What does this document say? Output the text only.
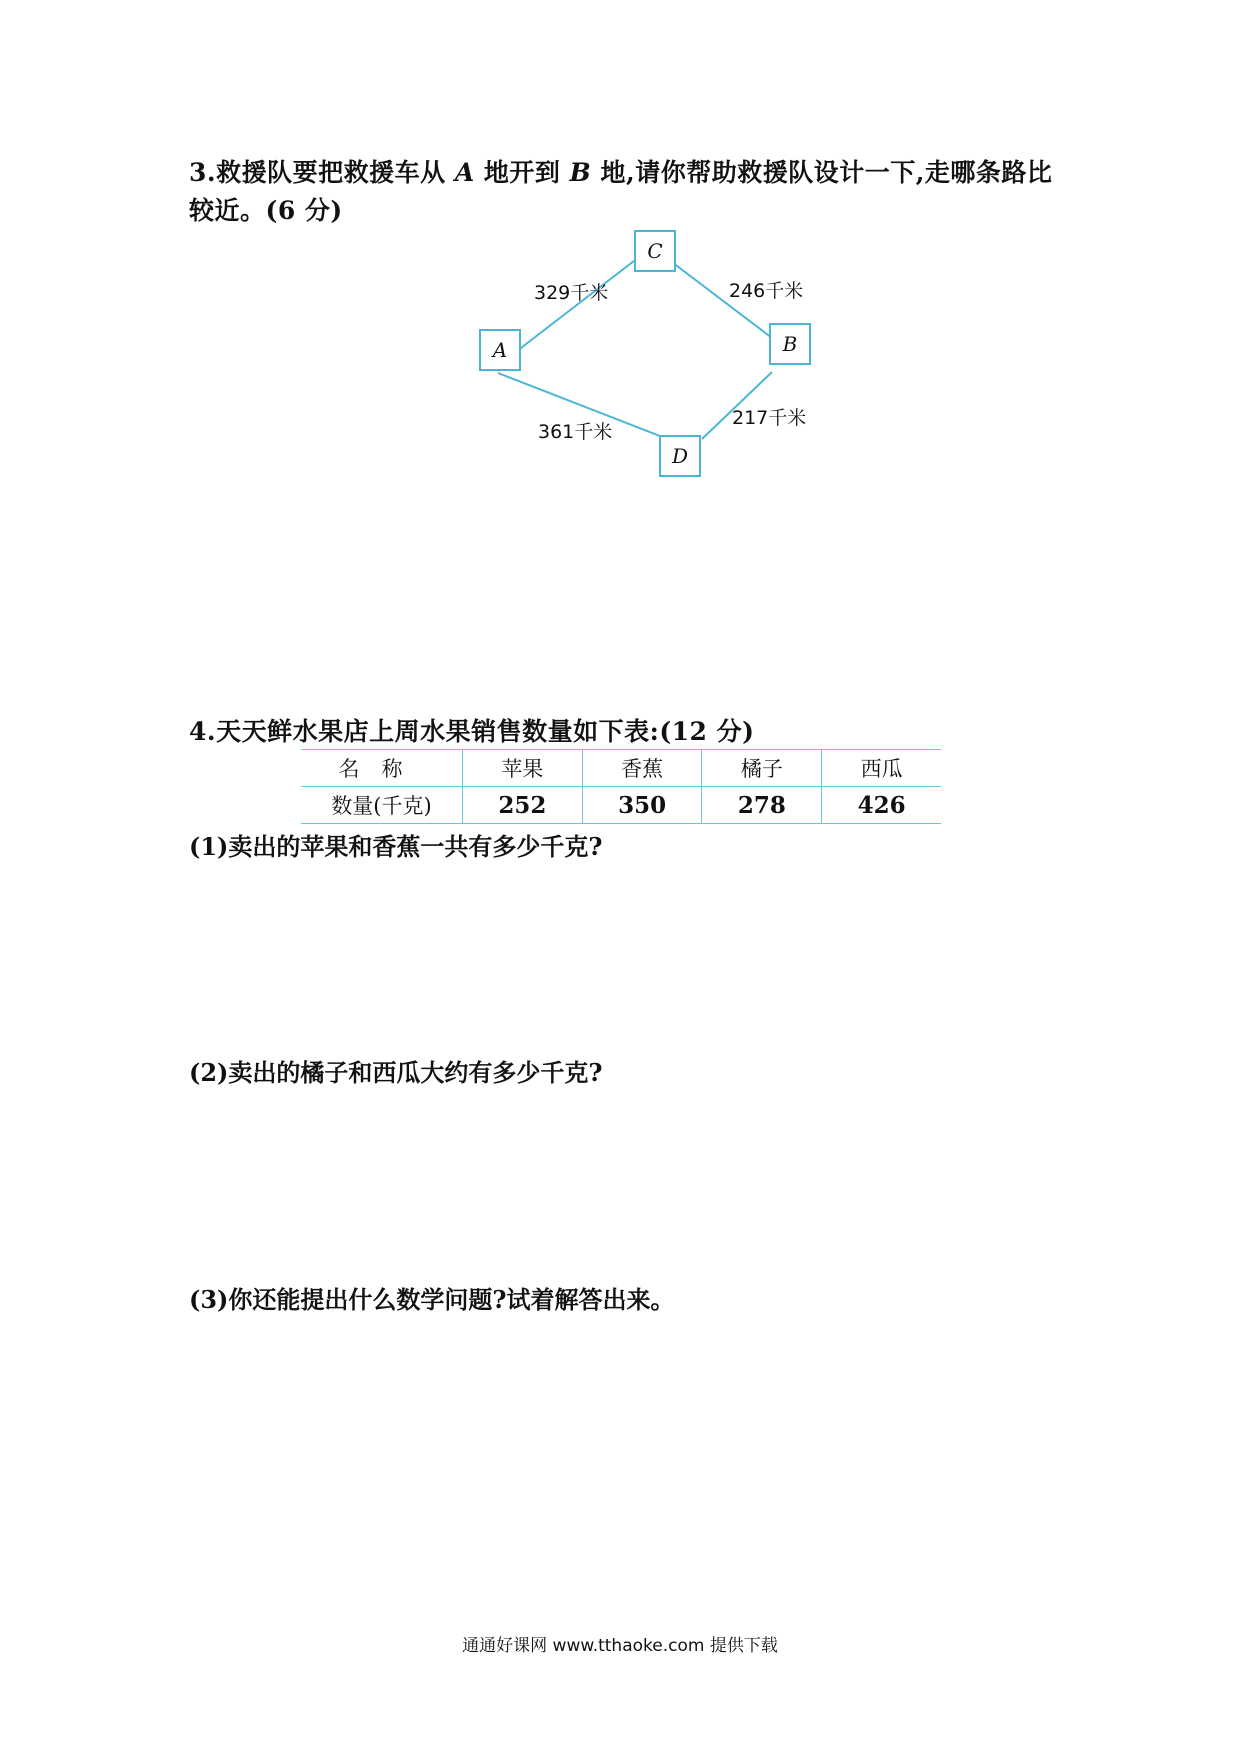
3.救援队要把救援车从 A 地开到 B 地,请你帮助救援队设计一下,走哪条路比较近。(6 分)
C
A	B
D
329千米	246千米
361千米
217千米
4.天天鲜水果店上周水果销售数量如下表:(12 分)
名称	苹果	香蕉	橘子	西瓜
数量(千克)	252	350	278	426
(1)卖出的苹果和香蕉一共有多少千克?
(2)卖出的橘子和西瓜大约有多少千克?
(3)你还能提出什么数学问题?试着解答出来。
通通好课网 www.tthaoke.com 提供下载
